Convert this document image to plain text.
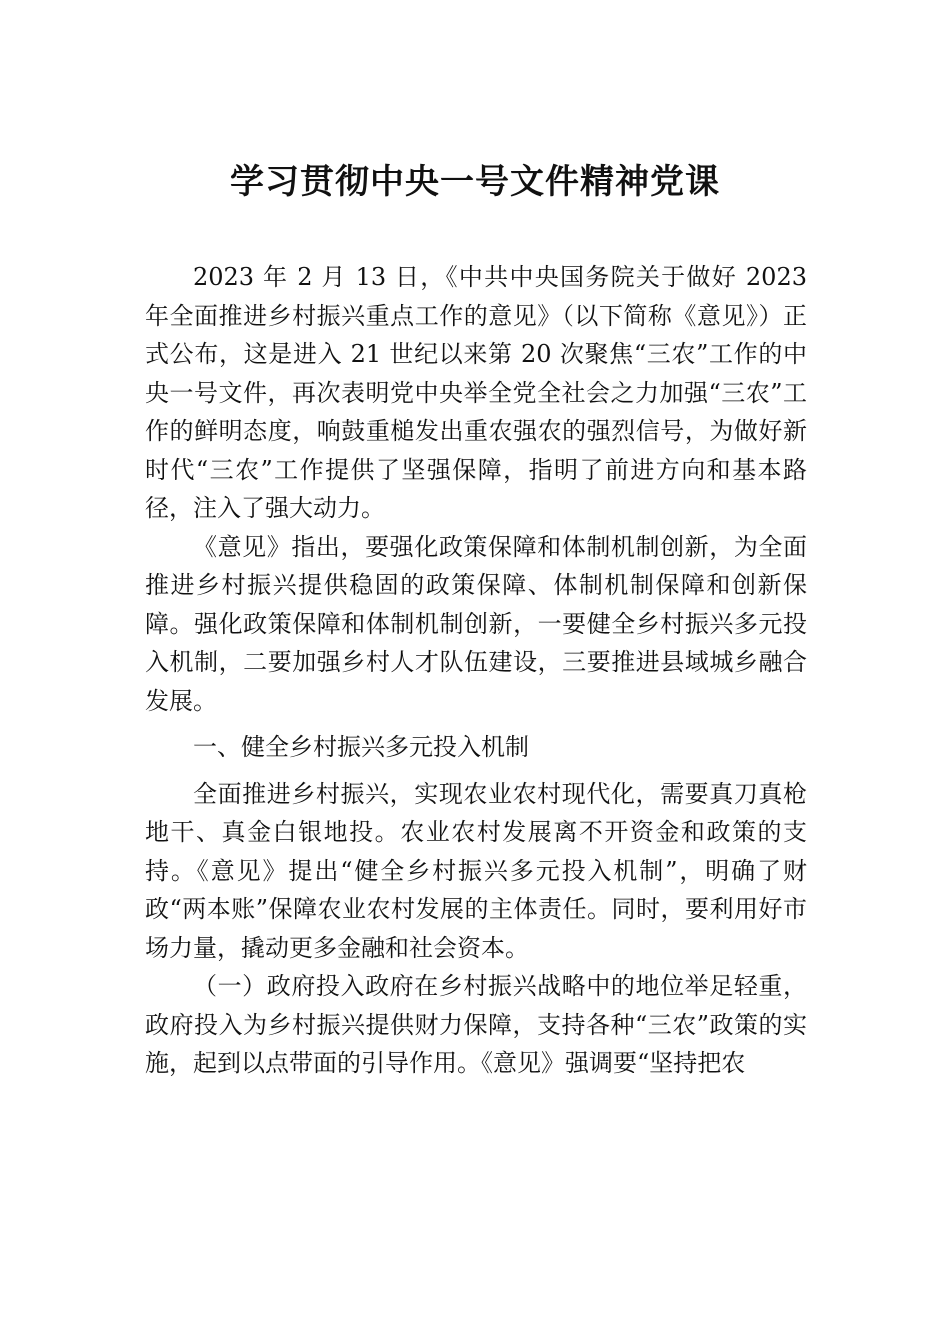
学习贯彻中央一号文件精神党课

2023 年 2 月 13 日，《中共中央国务院关于做好 2023 年全面推进乡村振兴重点工作的意见》（以下简称《意见》）正式公布，这是进入 21 世纪以来第 20 次聚焦“三农”工作的中央一号文件，再次表明党中央举全党全社会之力加强“三农”工作的鲜明态度，响鼓重槌发出重农强农的强烈信号，为做好新时代“三农”工作提供了坚强保障，指明了前进方向和基本路径，注入了强大动力。

《意见》指出，要强化政策保障和体制机制创新，为全面推进乡村振兴提供稳固的政策保障、体制机制保障和创新保障。强化政策保障和体制机制创新，一要健全乡村振兴多元投入机制，二要加强乡村人才队伍建设，三要推进县域城乡融合发展。

一、健全乡村振兴多元投入机制

全面推进乡村振兴，实现农业农村现代化，需要真刀真枪地干、真金白银地投。农业农村发展离不开资金和政策的支持。《意见》提出“健全乡村振兴多元投入机制”，明确了财政“两本账”保障农业农村发展的主体责任。同时，要利用好市场力量，撬动更多金融和社会资本。

（一）政府投入政府在乡村振兴战略中的地位举足轻重，政府投入为乡村振兴提供财力保障，支持各种“三农”政策的实施，起到以点带面的引导作用。《意见》强调要“坚持把农
